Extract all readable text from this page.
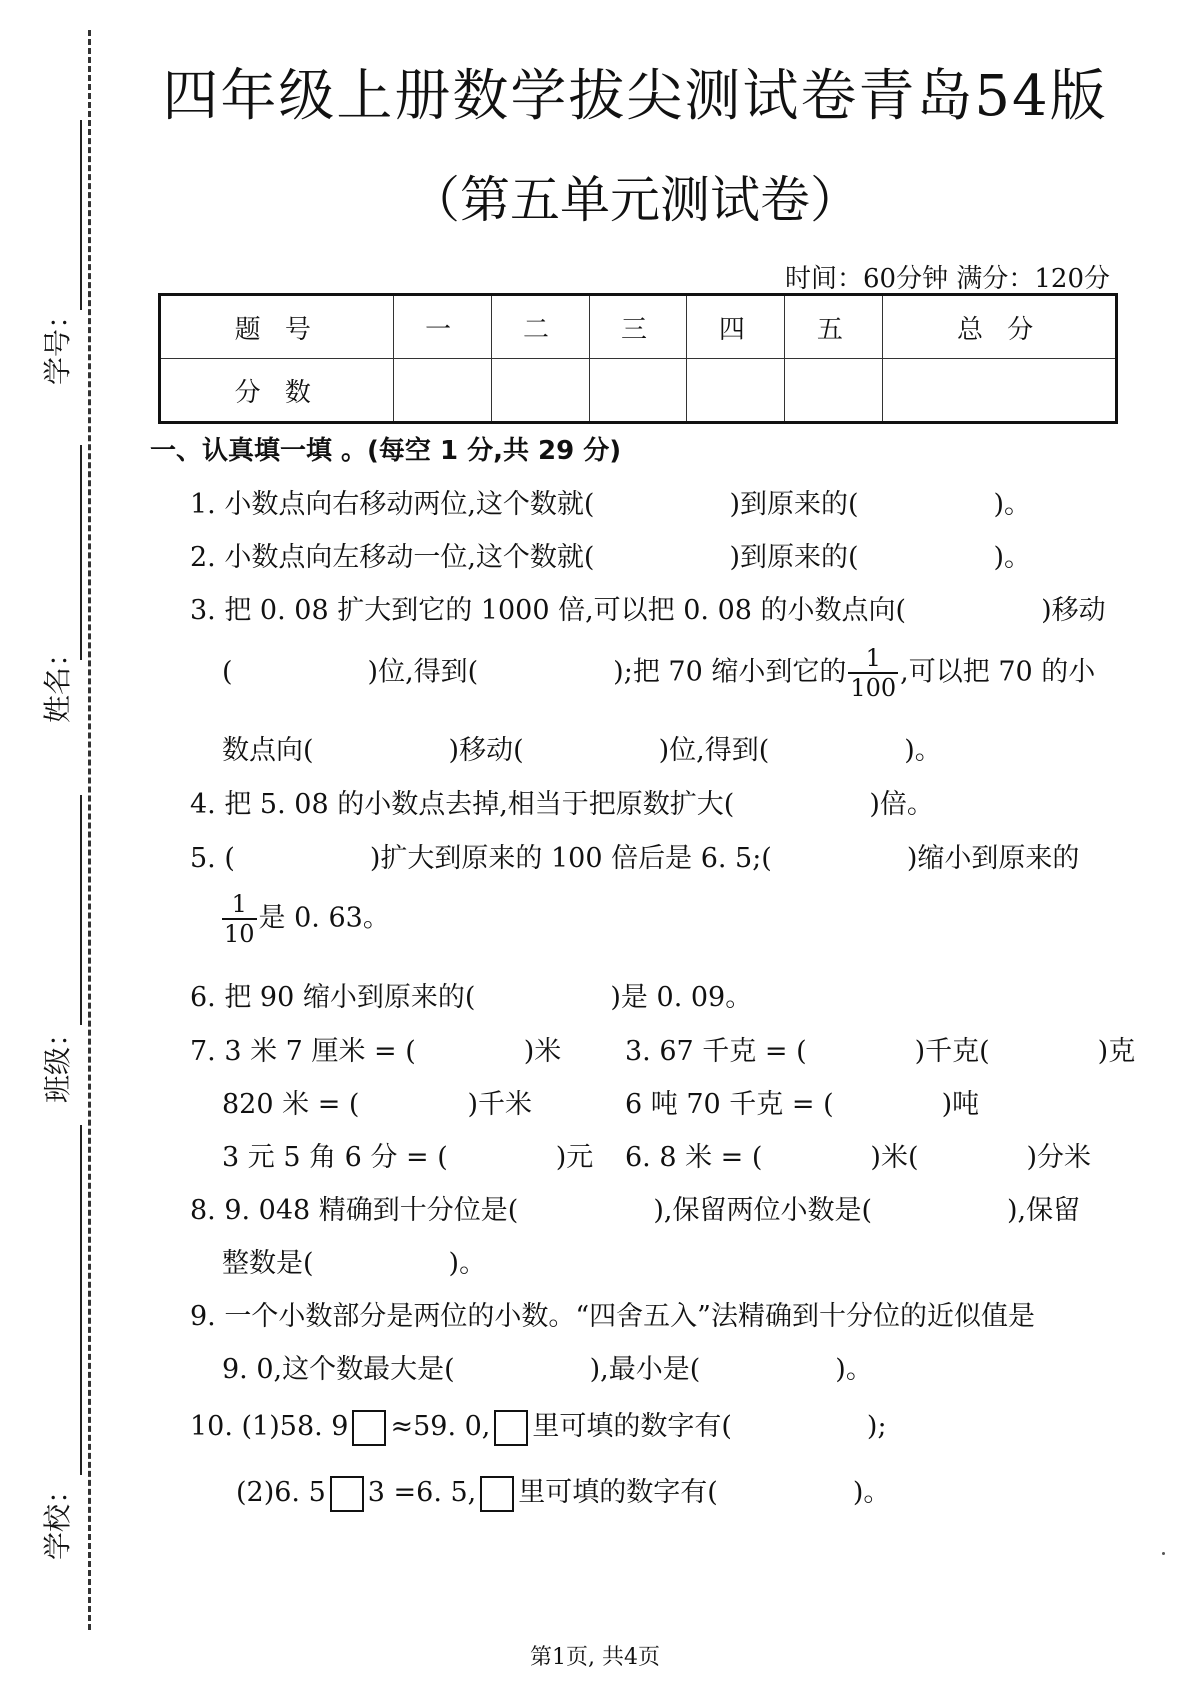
学号：
姓名：
班级：
学校：
四年级上册数学拔尖测试卷青岛54版
（第五单元测试卷）
时间：60分钟 满分：120分
题 号	一	二	三	四	五	总 分
分 数						
一、认真填一填 。(每空 1 分,共 29 分)
1. 小数点向右移动两位,这个数就(　　　　　)到原来的(　　　　　)。
2. 小数点向左移动一位,这个数就(　　　　　)到原来的(　　　　　)。
3. 把 0. 08 扩大到它的 1000 倍,可以把 0. 08 的小数点向(　　　　　)移动
(　　　　　)位,得到(　　　　　);把 70 缩小到它的 $\frac{1}{100}$ ,可以把 70 的小
数点向(　　　　　)移动(　　　　　)位,得到(　　　　　)。
4. 把 5. 08 的小数点去掉,相当于把原数扩大(　　　　　)倍。
5. (　　　　　)扩大到原来的 100 倍后是 6. 5;(　　　　　)缩小到原来的
$\frac{1}{10}$ 是 0. 63。
6. 把 90 缩小到原来的(　　　　　)是 0. 09。
7. 3 米 7 厘米 = (　　　　)米 3. 67 千克 = (　　　　)千克(　　　　)克
820 米 = (　　　　)千米	6 吨 70 千克 = (　　　　)吨
3 元 5 角 6 分 = (　　　　)元 6. 8 米 = (　　　　)米(　　　　)分米
8. 9. 048 精确到十分位是(　　　　　),保留两位小数是(　　　　　),保留
整数是(　　　　　)。
9. 一个小数部分是两位的小数。“四舍五入”法精确到十分位的近似值是
9. 0,这个数最大是(　　　　　),最小是(　　　　　)。
10. (1)58. 9 ≈59. 0, 里可填的数字有(　　　　　);
(2)6. 5 3 =6. 5, 里可填的数字有(　　　　　)。
第1页, 共4页
